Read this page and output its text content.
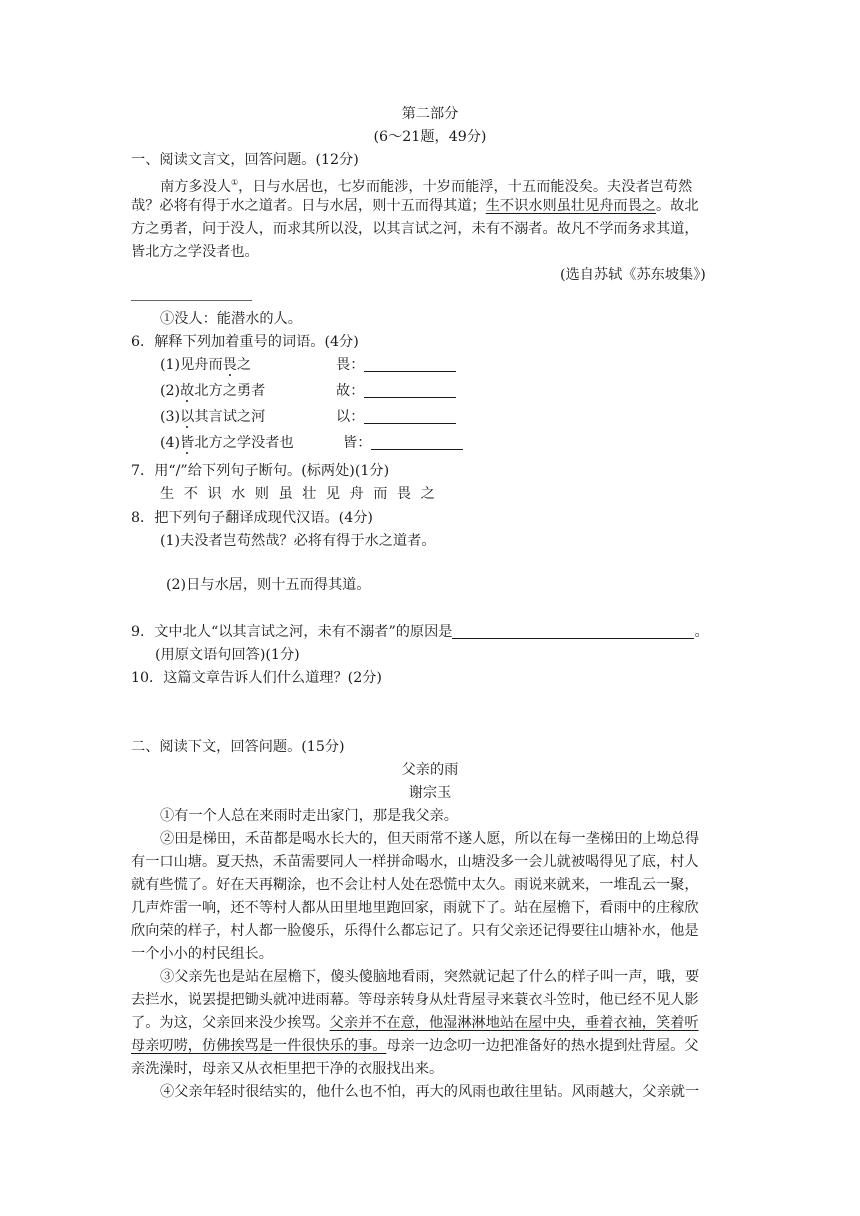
第二部分
(6～21题，49分)
一、阅读文言文，回答问题。(12分)
南方多没人①，日与水居也，七岁而能涉，十岁而能浮，十五而能没矣。夫没者岂苟然
哉？必将有得于水之道者。日与水居，则十五而得其道；生不识水则虽壮见舟而畏之。故北
方之勇者，问于没人，而求其所以没，以其言试之河，未有不溺者。故凡不学而务求其道，
皆北方之学没者也。
(选自苏轼《苏东坡集》)
①没人：能潜水的人。
6．解释下列加着重号的词语。(4分)
(1)见舟而畏之	畏：
(2)故北方之勇者	故：
(3)以其言试之河	以：
(4)皆北方之学没者也	皆：
7．用“/”给下列句子断句。(标两处)(1分)
生不识水则虽壮见舟而畏之
8．把下列句子翻译成现代汉语。(4分)
(1)夫没者岂苟然哉？必将有得于水之道者。
(2)日与水居，则十五而得其道。
9．文中北人“以其言试之河，未有不溺者”的原因是	。
(用原文语句回答)(1分)
10．这篇文章告诉人们什么道理？(2分)
二、阅读下文，回答问题。(15分)
父亲的雨
谢宗玉
①有一个人总在来雨时走出家门，那是我父亲。
②田是梯田，禾苗都是喝水长大的，但天雨常不遂人愿，所以在每一垄梯田的上坳总得
有一口山塘。夏天热，禾苗需要同人一样拼命喝水，山塘没多一会儿就被喝得见了底，村人
就有些慌了。好在天再糊涂，也不会让村人处在恐慌中太久。雨说来就来，一堆乱云一聚，
几声炸雷一响，还不等村人都从田里地里跑回家，雨就下了。站在屋檐下，看雨中的庄稼欣
欣向荣的样子，村人都一脸傻乐，乐得什么都忘记了。只有父亲还记得要往山塘补水，他是
一个小小的村民组长。
③父亲先也是站在屋檐下，傻头傻脑地看雨，突然就记起了什么的样子叫一声，哦，要
去拦水，说罢提把锄头就冲进雨幕。等母亲转身从灶背屋寻来蓑衣斗笠时，他已经不见人影
了。为这，父亲回来没少挨骂。父亲并不在意，他湿淋淋地站在屋中央，垂着衣袖，笑着听
母亲叨唠，仿佛挨骂是一件很快乐的事。母亲一边念叨一边把准备好的热水提到灶背屋。父
亲洗澡时，母亲又从衣柜里把干净的衣服找出来。
④父亲年轻时很结实的，他什么也不怕，再大的风雨也敢往里钻。风雨越大，父亲就一
